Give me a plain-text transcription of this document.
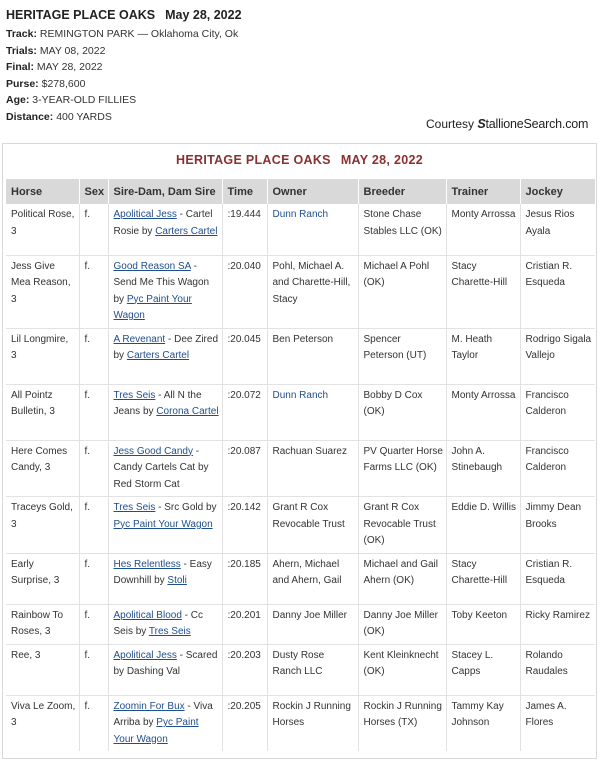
HERITAGE PLACE OAKS May 28, 2022
Track: REMINGTON PARK — Oklahoma City, Ok
Trials: MAY 08, 2022
Final: MAY 28, 2022
Purse: $278,600
Age: 3-YEAR-OLD FILLIES
Distance: 400 YARDS
Courtesy StallioneSearch.com
HERITAGE PLACE OAKS MAY 28, 2022
Horse	Sex	Sire-Dam, Dam Sire	Time	Owner	Breeder	Trainer	Jockey
Political Rose, 3	f.	Apolitical Jess - Cartel Rosie by Carters Cartel	:19.444	Dunn Ranch	Stone Chase Stables LLC (OK)	Monty Arrossa	Jesus Rios Ayala
Jess Give Mea Reason, 3	f.	Good Reason SA - Send Me This Wagon by Pyc Paint Your Wagon	:20.040	Pohl, Michael A. and Charette-Hill, Stacy	Michael A Pohl (OK)	Stacy Charette-Hill	Cristian R. Esqueda
Lil Longmire, 3	f.	A Revenant - Dee Zired by Carters Cartel	:20.045	Ben Peterson	Spencer Peterson (UT)	M. Heath Taylor	Rodrigo Sigala Vallejo
All Pointz Bulletin, 3	f.	Tres Seis - All N the Jeans by Corona Cartel	:20.072	Dunn Ranch	Bobby D Cox (OK)	Monty Arrossa	Francisco Calderon
Here Comes Candy, 3	f.	Jess Good Candy - Candy Cartels Cat by Red Storm Cat	:20.087	Rachuan Suarez	PV Quarter Horse Farms LLC (OK)	John A. Stinebaugh	Francisco Calderon
Traceys Gold, 3	f.	Tres Seis - Src Gold by Pyc Paint Your Wagon	:20.142	Grant R Cox Revocable Trust	Grant R Cox Revocable Trust (OK)	Eddie D. Willis	Jimmy Dean Brooks
Early Surprise, 3	f.	Hes Relentless - Easy Downhill by Stoli	:20.185	Ahern, Michael and Ahern, Gail	Michael and Gail Ahern (OK)	Stacy Charette-Hill	Cristian R. Esqueda
Rainbow To Roses, 3	f.	Apolitical Blood - Cc Seis by Tres Seis	:20.201	Danny Joe Miller	Danny Joe Miller (OK)	Toby Keeton	Ricky Ramirez
Ree, 3	f.	Apolitical Jess - Scared by Dashing Val	:20.203	Dusty Rose Ranch LLC	Kent Kleinknecht (OK)	Stacey L. Capps	Rolando Raudales
Viva Le Zoom, 3	f.	Zoomin For Bux - Viva Arriba by Pyc Paint Your Wagon	:20.205	Rockin J Running Horses	Rockin J Running Horses (TX)	Tammy Kay Johnson	James A. Flores
